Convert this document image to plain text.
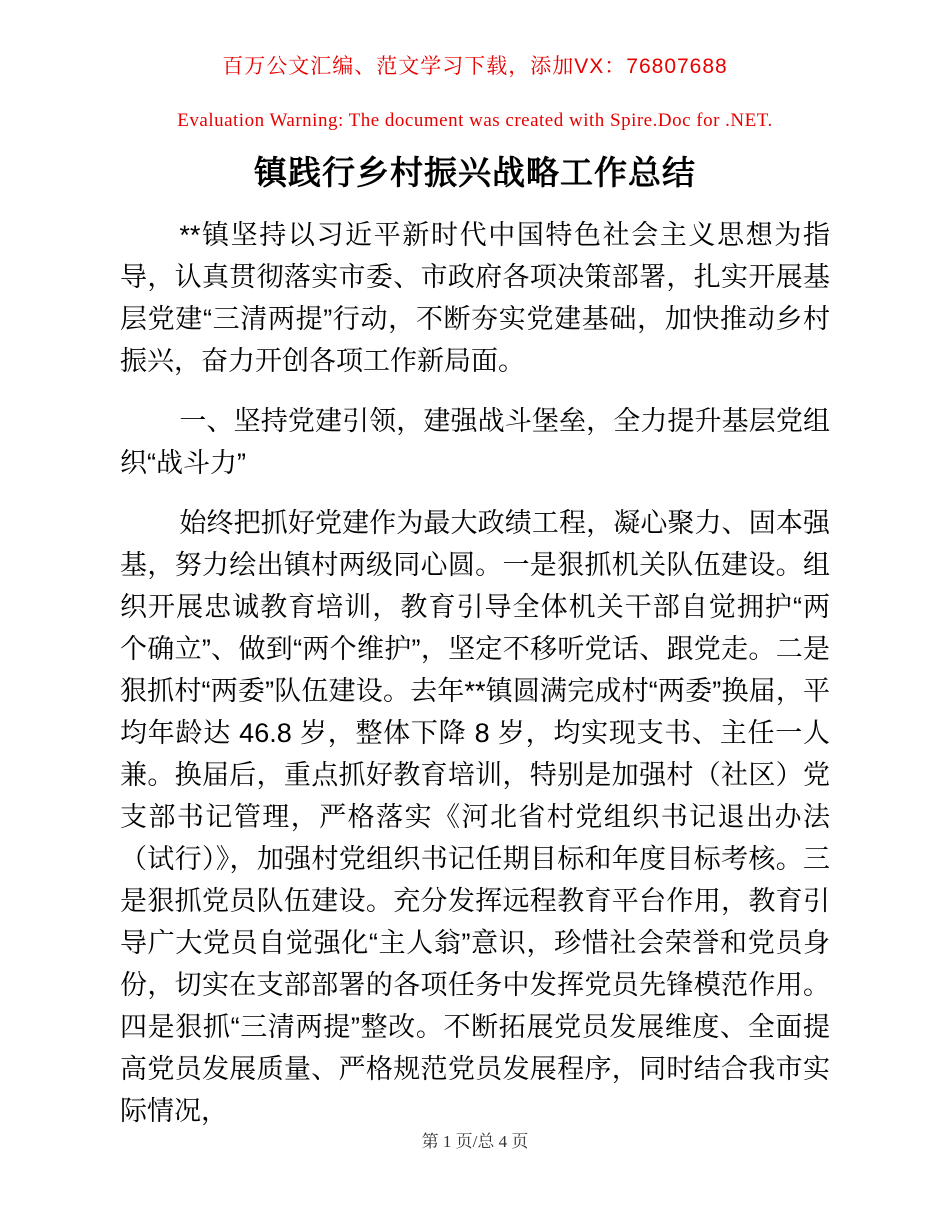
百万公文汇编、范文学习下载，添加VX：76807688
Evaluation Warning: The document was created with Spire.Doc for .NET.
镇践行乡村振兴战略工作总结

**镇坚持以习近平新时代中国特色社会主义思想为指导，认真贯彻落实市委、市政府各项决策部署，扎实开展基层党建“三清两提”行动，不断夯实党建基础，加快推动乡村振兴，奋力开创各项工作新局面。

一、坚持党建引领，建强战斗堡垒，全力提升基层党组织“战斗力”

始终把抓好党建作为最大政绩工程，凝心聚力、固本强基，努力绘出镇村两级同心圆。一是狠抓机关队伍建设。组织开展忠诚教育培训，教育引导全体机关干部自觉拥护“两个确立”、做到“两个维护”，坚定不移听党话、跟党走。二是狠抓村“两委”队伍建设。去年**镇圆满完成村“两委”换届，平均年龄达 46.8 岁，整体下降 8 岁，均实现支书、主任一人兼。换届后，重点抓好教育培训，特别是加强村（社区）党支部书记管理，严格落实《河北省村党组织书记退出办法（试行）》，加强村党组织书记任期目标和年度目标考核。三是狠抓党员队伍建设。充分发挥远程教育平台作用，教育引导广大党员自觉强化“主人翁”意识，珍惜社会荣誉和党员身份，切实在支部部署的各项任务中发挥党员先锋模范作用。四是狠抓“三清两提”整改。不断拓展党员发展维度、全面提高党员发展质量、严格规范党员发展程序，同时结合我市实际情况，

第 1 页/总 4 页
